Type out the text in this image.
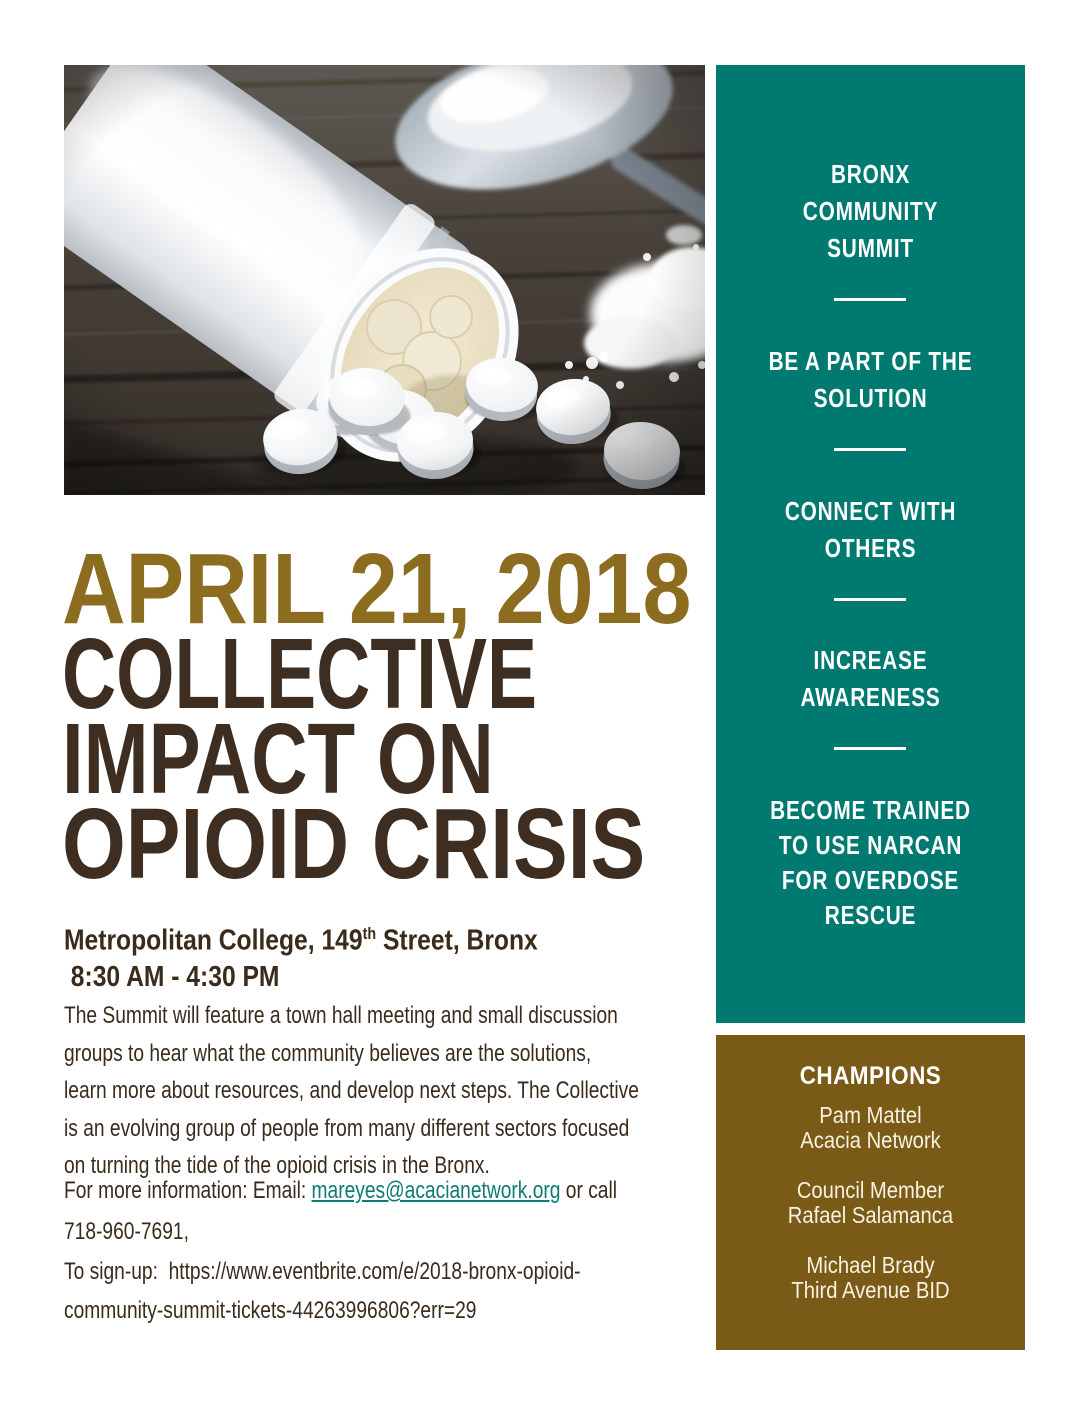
BRONX
COMMUNITY
SUMMIT
BE A PART OF THE
SOLUTION
CONNECT WITH
OTHERS
INCREASE
AWARENESS
BECOME TRAINED
TO USE NARCAN
FOR OVERDOSE
RESCUE
APRIL 21, 2018
COLLECTIVE
IMPACT ON
OPIOID CRISIS
Metropolitan College, 149th Street, Bronx
8:30 AM - 4:30 PM
The Summit will feature a town hall meeting and small discussion
groups to hear what the community believes are the solutions,
learn more about resources, and develop next steps. The Collective
is an evolving group of people from many different sectors focused
on turning the tide of the opioid crisis in the Bronx.
For more information: Email: mareyes@acacianetwork.org or call
718-960-7691,
To sign-up:  https://www.eventbrite.com/e/2018-bronx-opioid-
community-summit-tickets-44263996806?err=29
CHAMPIONS
Pam Mattel
Acacia Network
Council Member
Rafael Salamanca
Michael Brady
Third Avenue BID
